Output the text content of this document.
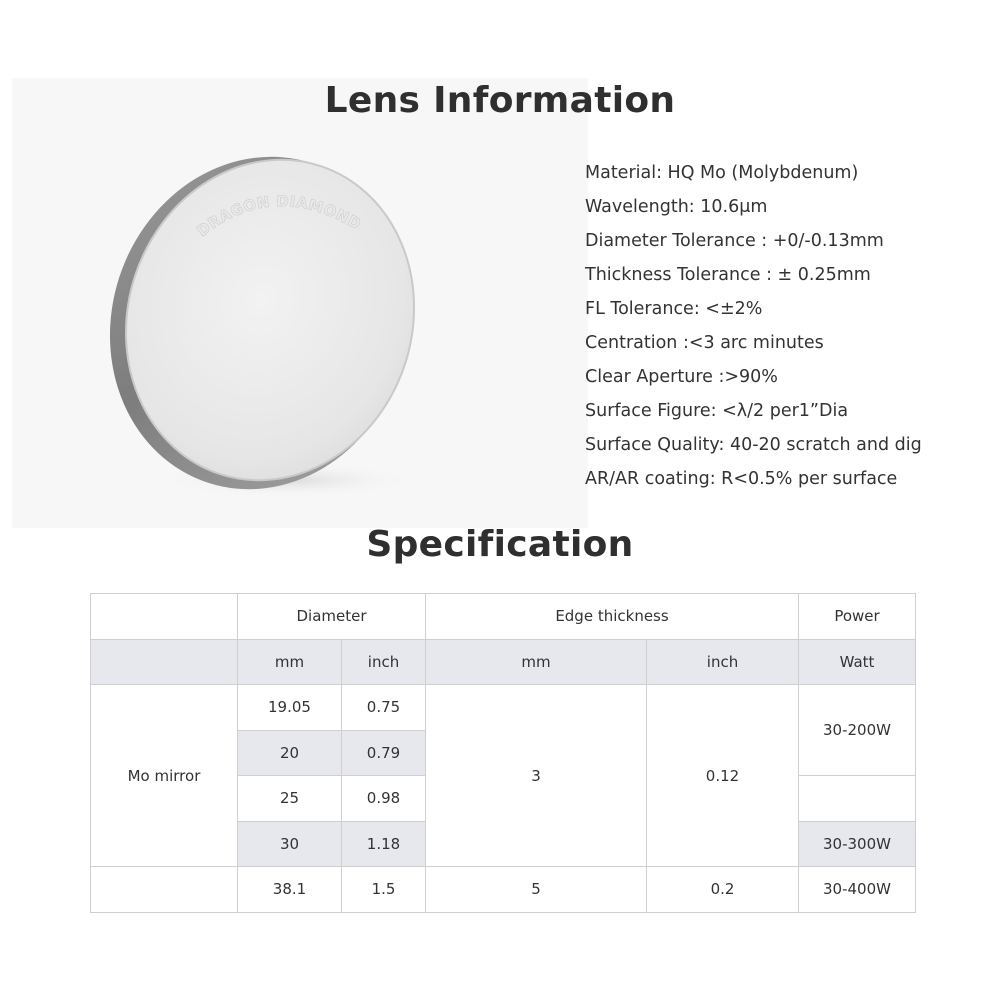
Lens Information
DRAGON DIAMOND
Material: HQ Mo (Molybdenum)
Wavelength: 10.6μm
Diameter Tolerance : +0/-0.13mm
Thickness Tolerance : ± 0.25mm
FL Tolerance: <±2%
Centration :<3 arc minutes
Clear Aperture :>90%
Surface Figure: <λ/2 per1”Dia
Surface Quality: 40-20 scratch and dig
AR/AR coating: R<0.5% per surface
Specification
	Diameter		Edge thickness		Power
	mm	inch	mm	inch	Watt
Mo mirror	19.05	0.75	3	0.12	30-200W
	20	0.79			
	25	0.98			
	30	1.18			30-300W
	38.1	1.5	5	0.2	30-400W
